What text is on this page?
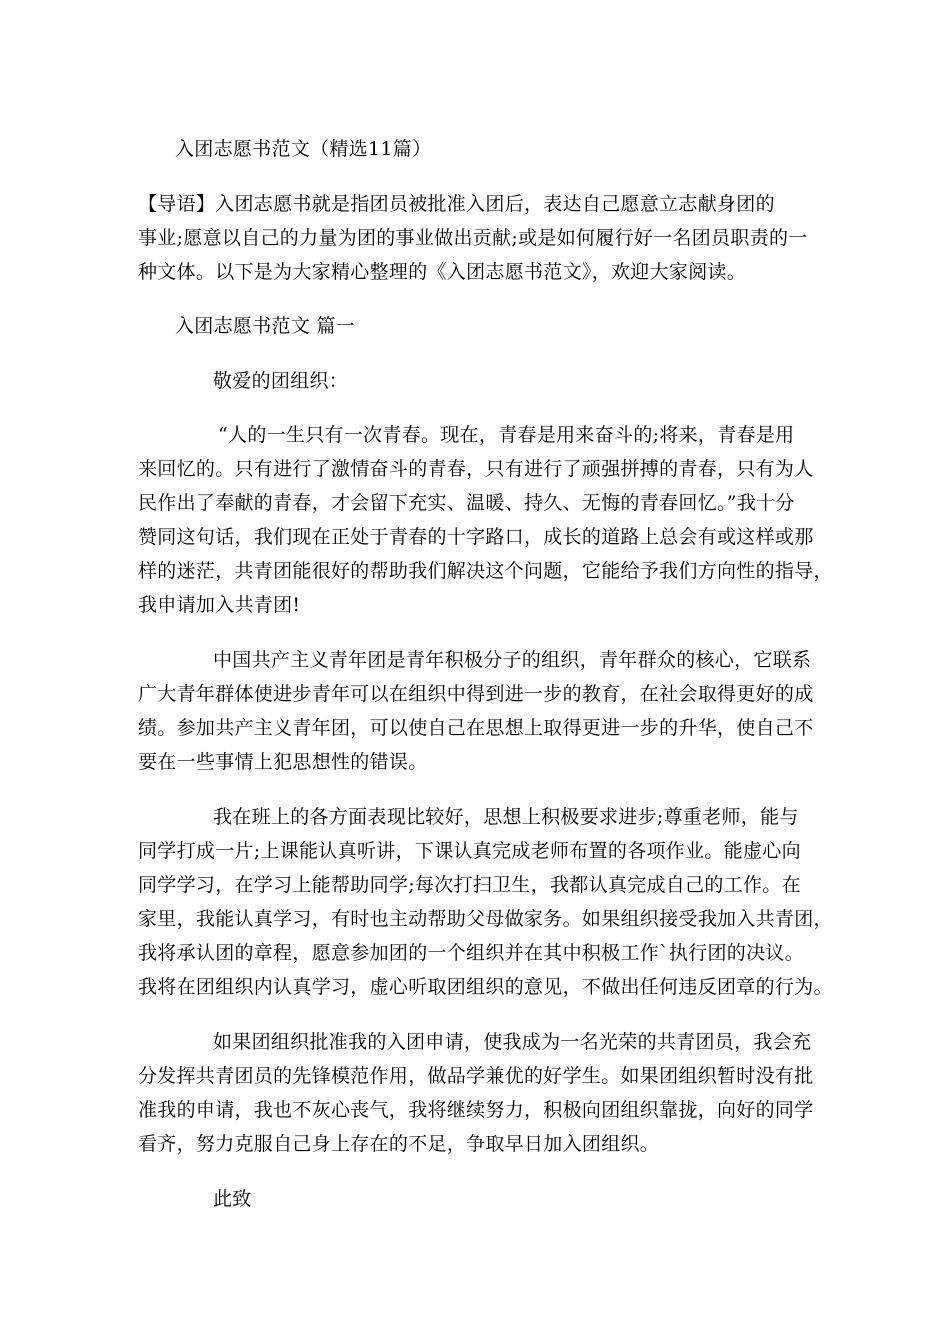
入团志愿书范文（精选11篇）
【导语】入团志愿书就是指团员被批准入团后，表达自己愿意立志献身团的
事业;愿意以自己的力量为团的事业做出贡献;或是如何履行好一名团员职责的一
种文体。以下是为大家精心整理的《入团志愿书范文》，欢迎大家阅读。
入团志愿书范文 篇一
敬爱的团组织：
“人的一生只有一次青春。现在，青春是用来奋斗的;将来，青春是用
来回忆的。只有进行了激情奋斗的青春，只有进行了顽强拼搏的青春，只有为人
民作出了奉献的青春，才会留下充实、温暖、持久、无悔的青春回忆。”我十分
赞同这句话，我们现在正处于青春的十字路口，成长的道路上总会有或这样或那
样的迷茫，共青团能很好的帮助我们解决这个问题，它能给予我们方向性的指导，
我申请加入共青团!
中国共产主义青年团是青年积极分子的组织，青年群众的核心，它联系
广大青年群体使进步青年可以在组织中得到进一步的教育，在社会取得更好的成
绩。参加共产主义青年团，可以使自己在思想上取得更进一步的升华，使自己不
要在一些事情上犯思想性的错误。
我在班上的各方面表现比较好，思想上积极要求进步;尊重老师，能与
同学打成一片;上课能认真听讲，下课认真完成老师布置的各项作业。能虚心向
同学学习，在学习上能帮助同学;每次打扫卫生，我都认真完成自己的工作。在
家里，我能认真学习，有时也主动帮助父母做家务。如果组织接受我加入共青团，
我将承认团的章程，愿意参加团的一个组织并在其中积极工作`执行团的决议。
我将在团组织内认真学习，虚心听取团组织的意见，不做出任何违反团章的行为。
如果团组织批准我的入团申请，使我成为一名光荣的共青团员，我会充
分发挥共青团员的先锋模范作用，做品学兼优的好学生。如果团组织暂时没有批
准我的申请，我也不灰心丧气，我将继续努力，积极向团组织靠拢，向好的同学
看齐，努力克服自己身上存在的不足，争取早日加入团组织。
此致
